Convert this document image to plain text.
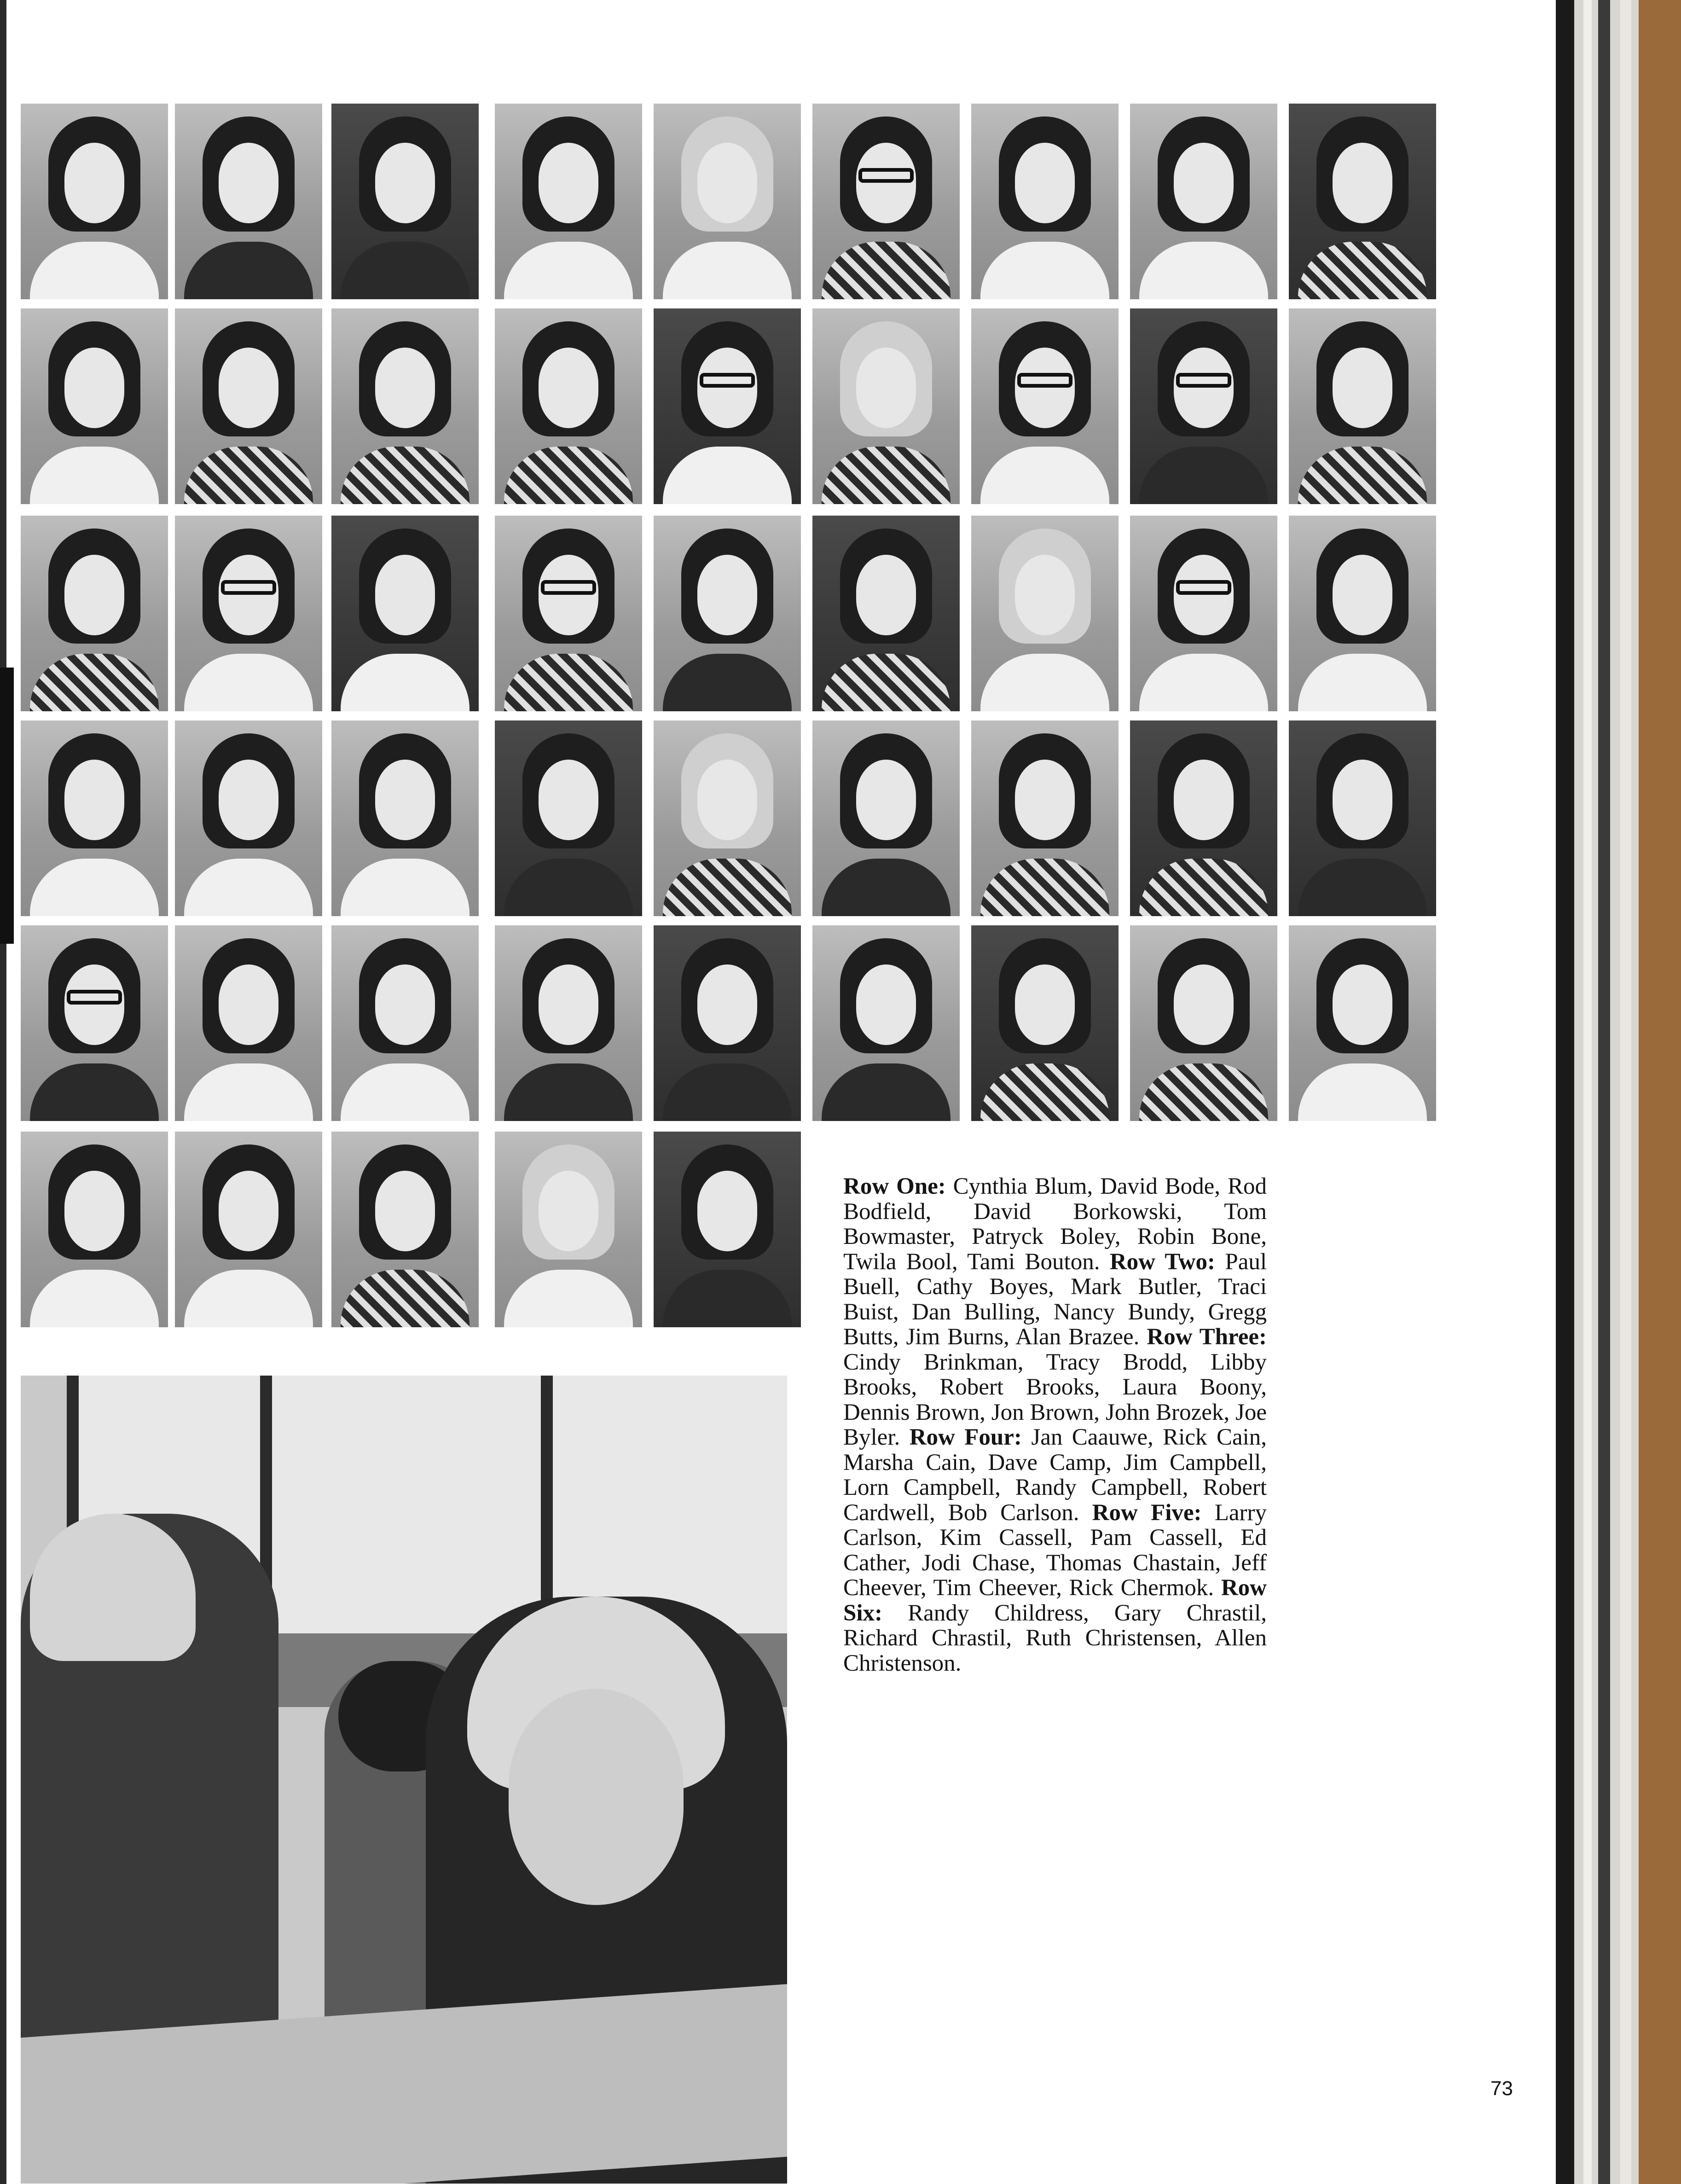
Row One: Cynthia Blum, David Bode, Rod Bodfield, David Borkowski, Tom Bowmaster, Patryck Boley, Robin Bone, Twila Bool, Tami Bouton. Row Two: Paul Buell, Cathy Boyes, Mark Butler, Traci Buist, Dan Bulling, Nancy Bundy, Gregg Butts, Jim Burns, Alan Brazee. Row Three: Cindy Brinkman, Tracy Brodd, Libby Brooks, Robert Brooks, Laura Boony, Dennis Brown, Jon Brown, John Brozek, Joe Byler. Row Four: Jan Caauwe, Rick Cain, Marsha Cain, Dave Camp, Jim Campbell, Lorn Campbell, Randy Campbell, Robert Cardwell, Bob Carlson. Row Five: Larry Carlson, Kim Cassell, Pam Cassell, Ed Cather, Jodi Chase, Thomas Chastain, Jeff Cheever, Tim Cheever, Rick Chermok. Row Six: Randy Childress, Gary Chrastil, Richard Chrastil, Ruth Christensen, Allen Christenson.

73
